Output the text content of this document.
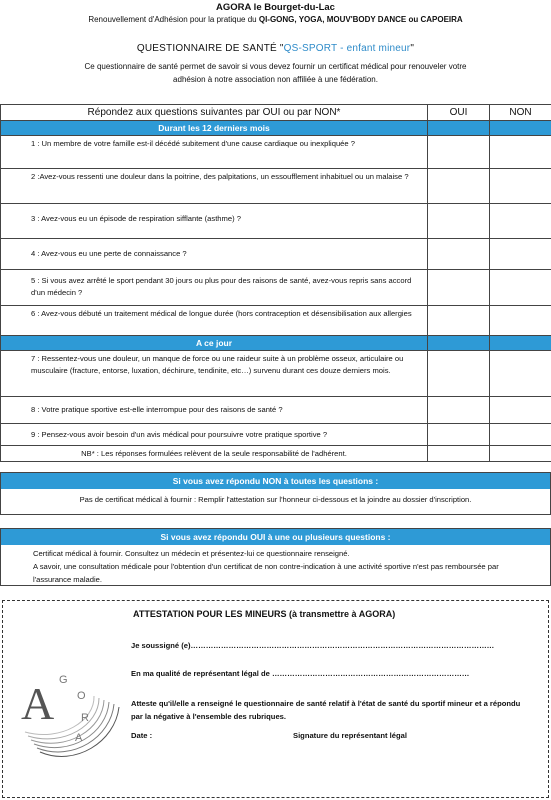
AGORA le Bourget-du-Lac
Renouvellement d'Adhésion pour la pratique du QI-GONG, YOGA, MOUV'BODY DANCE ou CAPOEIRA
QUESTIONNAIRE DE SANTÉ "QS-SPORT - enfant mineur"
Ce questionnaire de santé permet de savoir si vous devez fournir un certificat médical pour renouveler votre
adhésion à notre association non affiliée à une fédération.
Répondez aux questions suivantes par OUI ou par NON*	OUI	NON
Durant les 12 derniers mois		
1 : Un membre de votre famille est-il décédé subitement d'une cause cardiaque ou inexpliquée ?		
2 :Avez-vous ressenti une douleur dans la poitrine, des palpitations, un essoufflement inhabituel ou un malaise ?		
3 : Avez-vous eu un épisode de respiration sifflante (asthme) ?		
4 : Avez-vous eu une perte de connaissance ?		
5 : Si vous avez arrêté le sport pendant 30 jours ou plus pour des raisons de santé, avez-vous repris sans accord d'un médecin ?		
6 : Avez-vous débuté un traitement médical de longue durée (hors contraception et désensibilisation aux allergies		
A ce jour		
7 : Ressentez-vous une douleur, un manque de force ou une raideur suite à un problème osseux, articulaire ou musculaire (fracture, entorse, luxation, déchirure, tendinite, etc…) survenu durant ces douze derniers mois.		
8 : Votre pratique sportive est-elle interrompue pour des raisons de santé ?		
9 : Pensez-vous avoir besoin d'un avis médical pour poursuivre votre pratique sportive ?		
NB* : Les réponses formulées relèvent de la seule responsabilité de l'adhérent.		
Si vous avez répondu NON à toutes les questions :
Pas de certificat médical à fournir : Remplir l'attestation sur l'honneur ci-dessous et la joindre au dossier d'inscription.
Si vous avez répondu OUI à une ou plusieurs questions :
Certificat médical à fournir. Consultez un médecin et présentez-lui ce questionnaire renseigné.
A savoir, une consultation médicale pour l'obtention d'un certificat de non contre-indication à une activité sportive n'est pas remboursée par l'assurance maladie.
ATTESTATION POUR LES MINEURS (à transmettre à AGORA)
Je soussigné (e)…………………………………………………………………………………………………………
En ma qualité de représentant légal de ……………………………………………………………………
Atteste qu'il/elle a renseigné le questionnaire de santé relatif à l'état de santé du sportif mineur et a répondu par la négative à l'ensemble des rubriques.
Date :	Signature du représentant légal
A G
O
R
A
